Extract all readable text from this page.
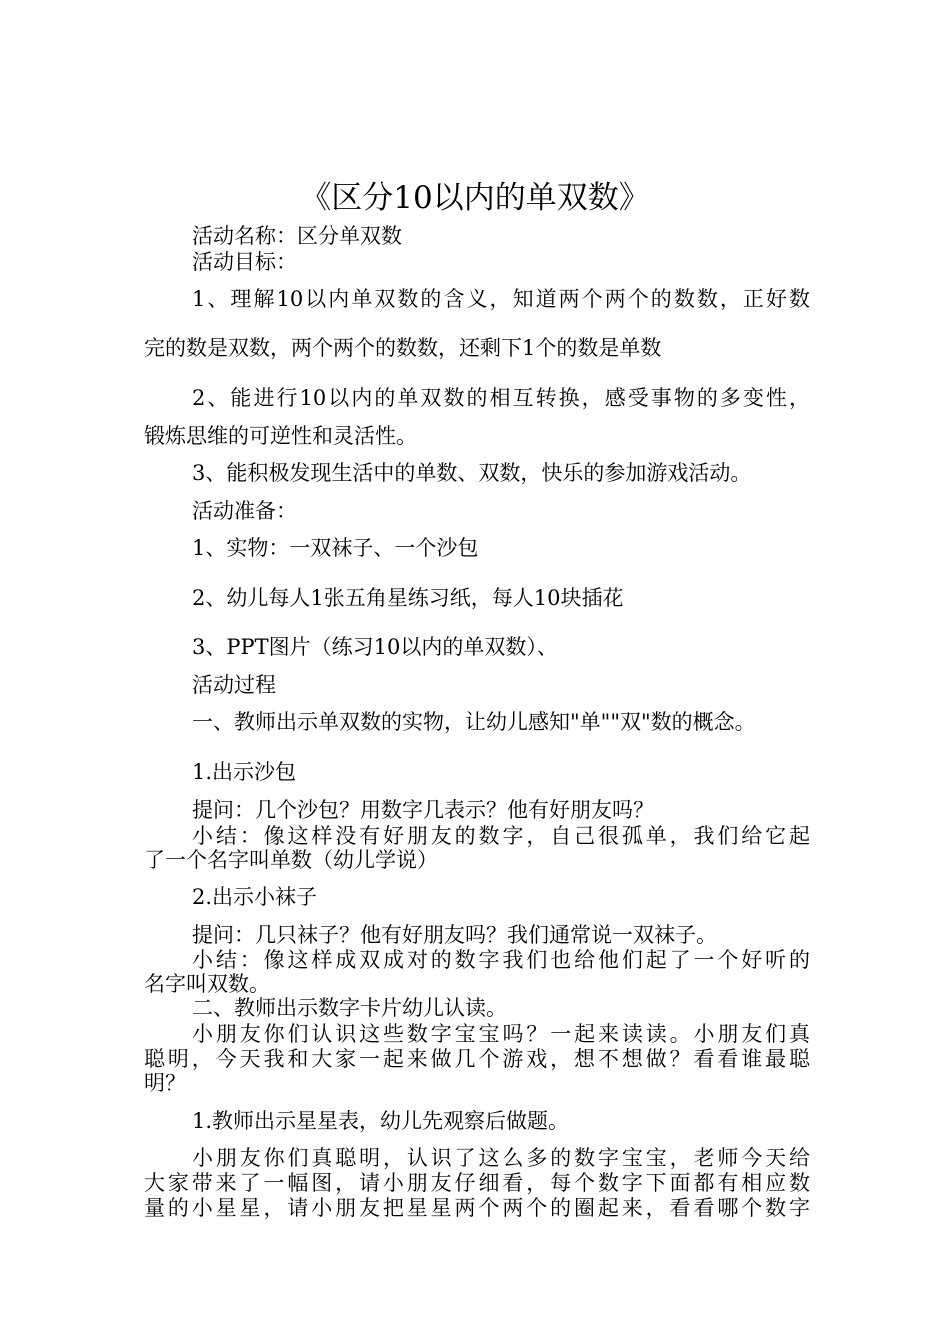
《区分10以内的单双数》
活动名称：区分单双数
活动目标：
1、理解10以内单双数的含义，知道两个两个的数数，正好数
完的数是双数，两个两个的数数，还剩下1个的数是单数
2、能进行10以内的单双数的相互转换，感受事物的多变性，
锻炼思维的可逆性和灵活性。
3、能积极发现生活中的单数、双数，快乐的参加游戏活动。
活动准备：
1、实物：一双袜子、一个沙包
2、幼儿每人1张五角星练习纸，每人10块插花
3、PPT图片（练习10以内的单双数）、
活动过程
一、教师出示单双数的实物，让幼儿感知"单""双"数的概念。
1.出示沙包
提问：几个沙包？用数字几表示？他有好朋友吗？
小结：像这样没有好朋友的数字，自己很孤单，我们给它起
了一个名字叫单数（幼儿学说）
2.出示小袜子
提问：几只袜子？他有好朋友吗？我们通常说一双袜子。
小结：像这样成双成对的数字我们也给他们起了一个好听的
名字叫双数。
二、教师出示数字卡片幼儿认读。
小朋友你们认识这些数字宝宝吗？一起来读读。小朋友们真
聪明，今天我和大家一起来做几个游戏，想不想做？看看谁最聪
明？
1.教师出示星星表，幼儿先观察后做题。
小朋友你们真聪明，认识了这么多的数字宝宝，老师今天给
大家带来了一幅图，请小朋友仔细看，每个数字下面都有相应数
量的小星星，请小朋友把星星两个两个的圈起来，看看哪个数字
